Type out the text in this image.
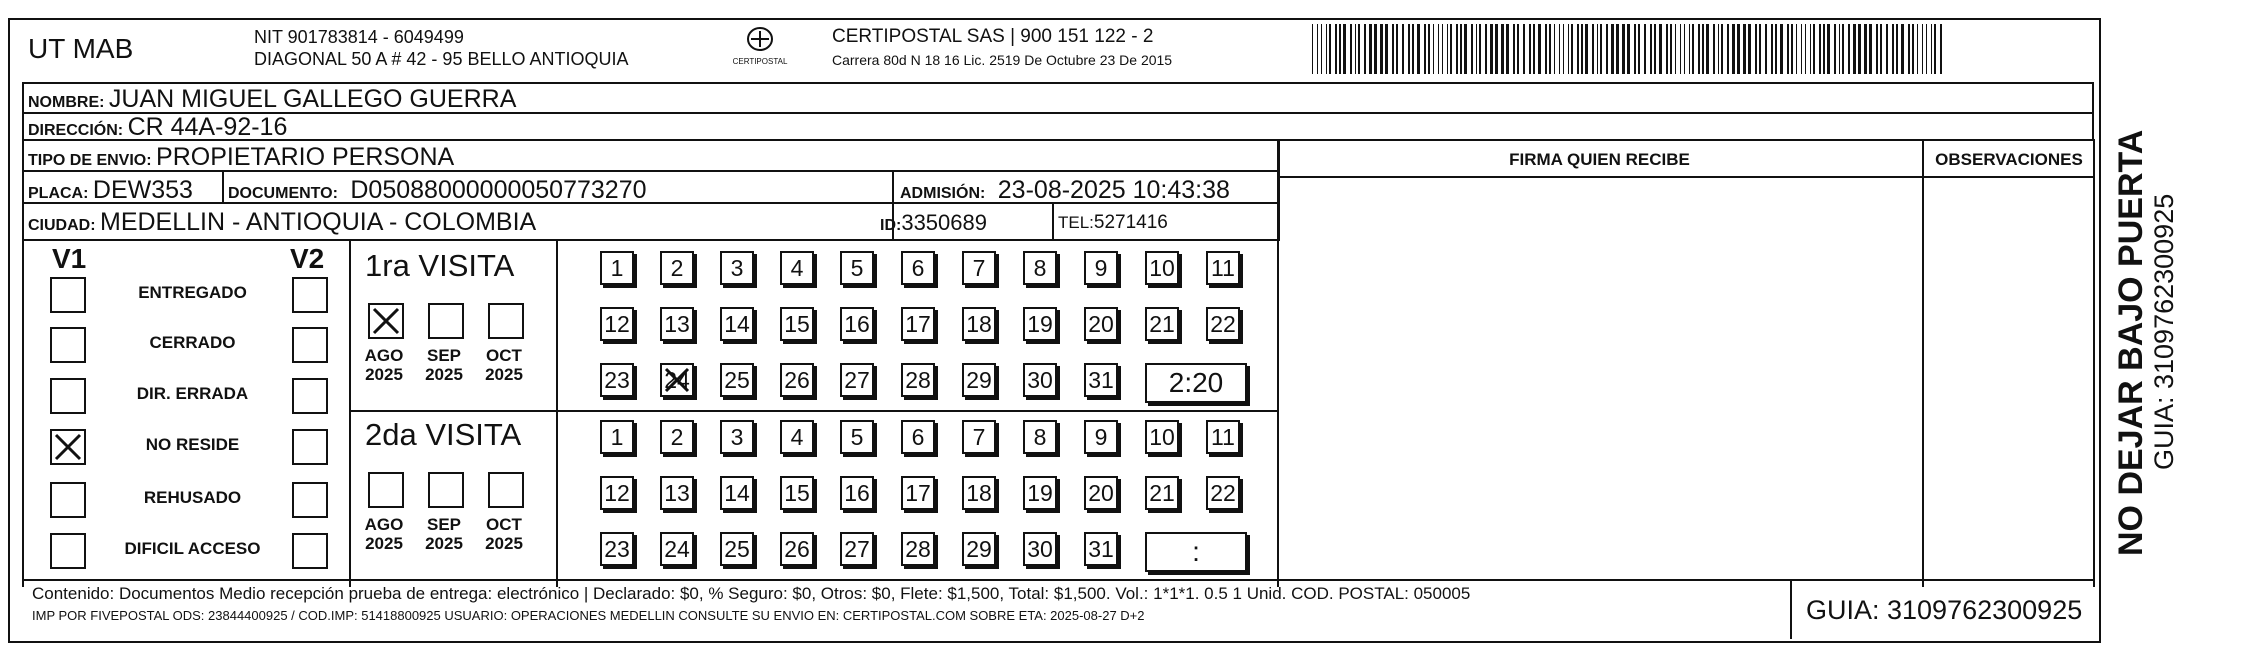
UT MAB	NIT 901783814 - 6049499
DIAGONAL 50 A # 42 - 95 BELLO ANTIOQUIA	CERTIPOSTAL
CERTIPOSTAL SAS | 900 151 122 - 2
Carrera 80d N 18 16 Lic. 2519 De Octubre 23 De 2015
NOMBRE: JUAN MIGUEL GALLEGO GUERRA
DIRECCIÓN: CR 44A-92-16
TIPO DE ENVIO: PROPIETARIO PERSONA
PLACA: DEW353 DOCUMENTO: D05088000000050773270	ADMISIÓN: 23-08-2025 10:43:38
CIUDAD: MEDELLIN - ANTIOQUIA - COLOMBIA	ID:3350689	TEL:5271416
FIRMA QUIEN RECIBE	OBSERVACIONES
V1	V2
ENTREGADO
CERRADO
DIR. ERRADA
NO RESIDE
REHUSADO
DIFICIL ACCESO
1ra VISITA
AGO
2025
SEP
2025
OCT
2025
1	2	3	4	5	6	7	8	9	10 11
12 13 14 15 16 17 18 19 20 21 22
23 24 25 26 27 28 29 30 31	2:20
2da VISITA
AGO
2025
SEP
2025
OCT
2025
1	2	3	4	5	6	7	8	9	10 11
12 13 14 15 16 17 18 19 20 21 22
23 24 25 26 27 28 29 30 31	:
Contenido: Documentos Medio recepción prueba de entrega: electrónico | Declarado: $0, % Seguro: $0, Otros: $0, Flete: $1,500, Total: $1,500. Vol.: 1*1*1. 0.5 1 Unid. COD. POSTAL: 050005
IMP POR FIVEPOSTAL ODS: 23844400925 / COD.IMP: 51418800925 USUARIO: OPERACIONES MEDELLIN CONSULTE SU ENVIO EN: CERTIPOSTAL.COM SOBRE ETA: 2025-08-27 D+2	GUIA: 3109762300925
NO DEJAR BAJO PUERTA GUIA: 3109762300925
